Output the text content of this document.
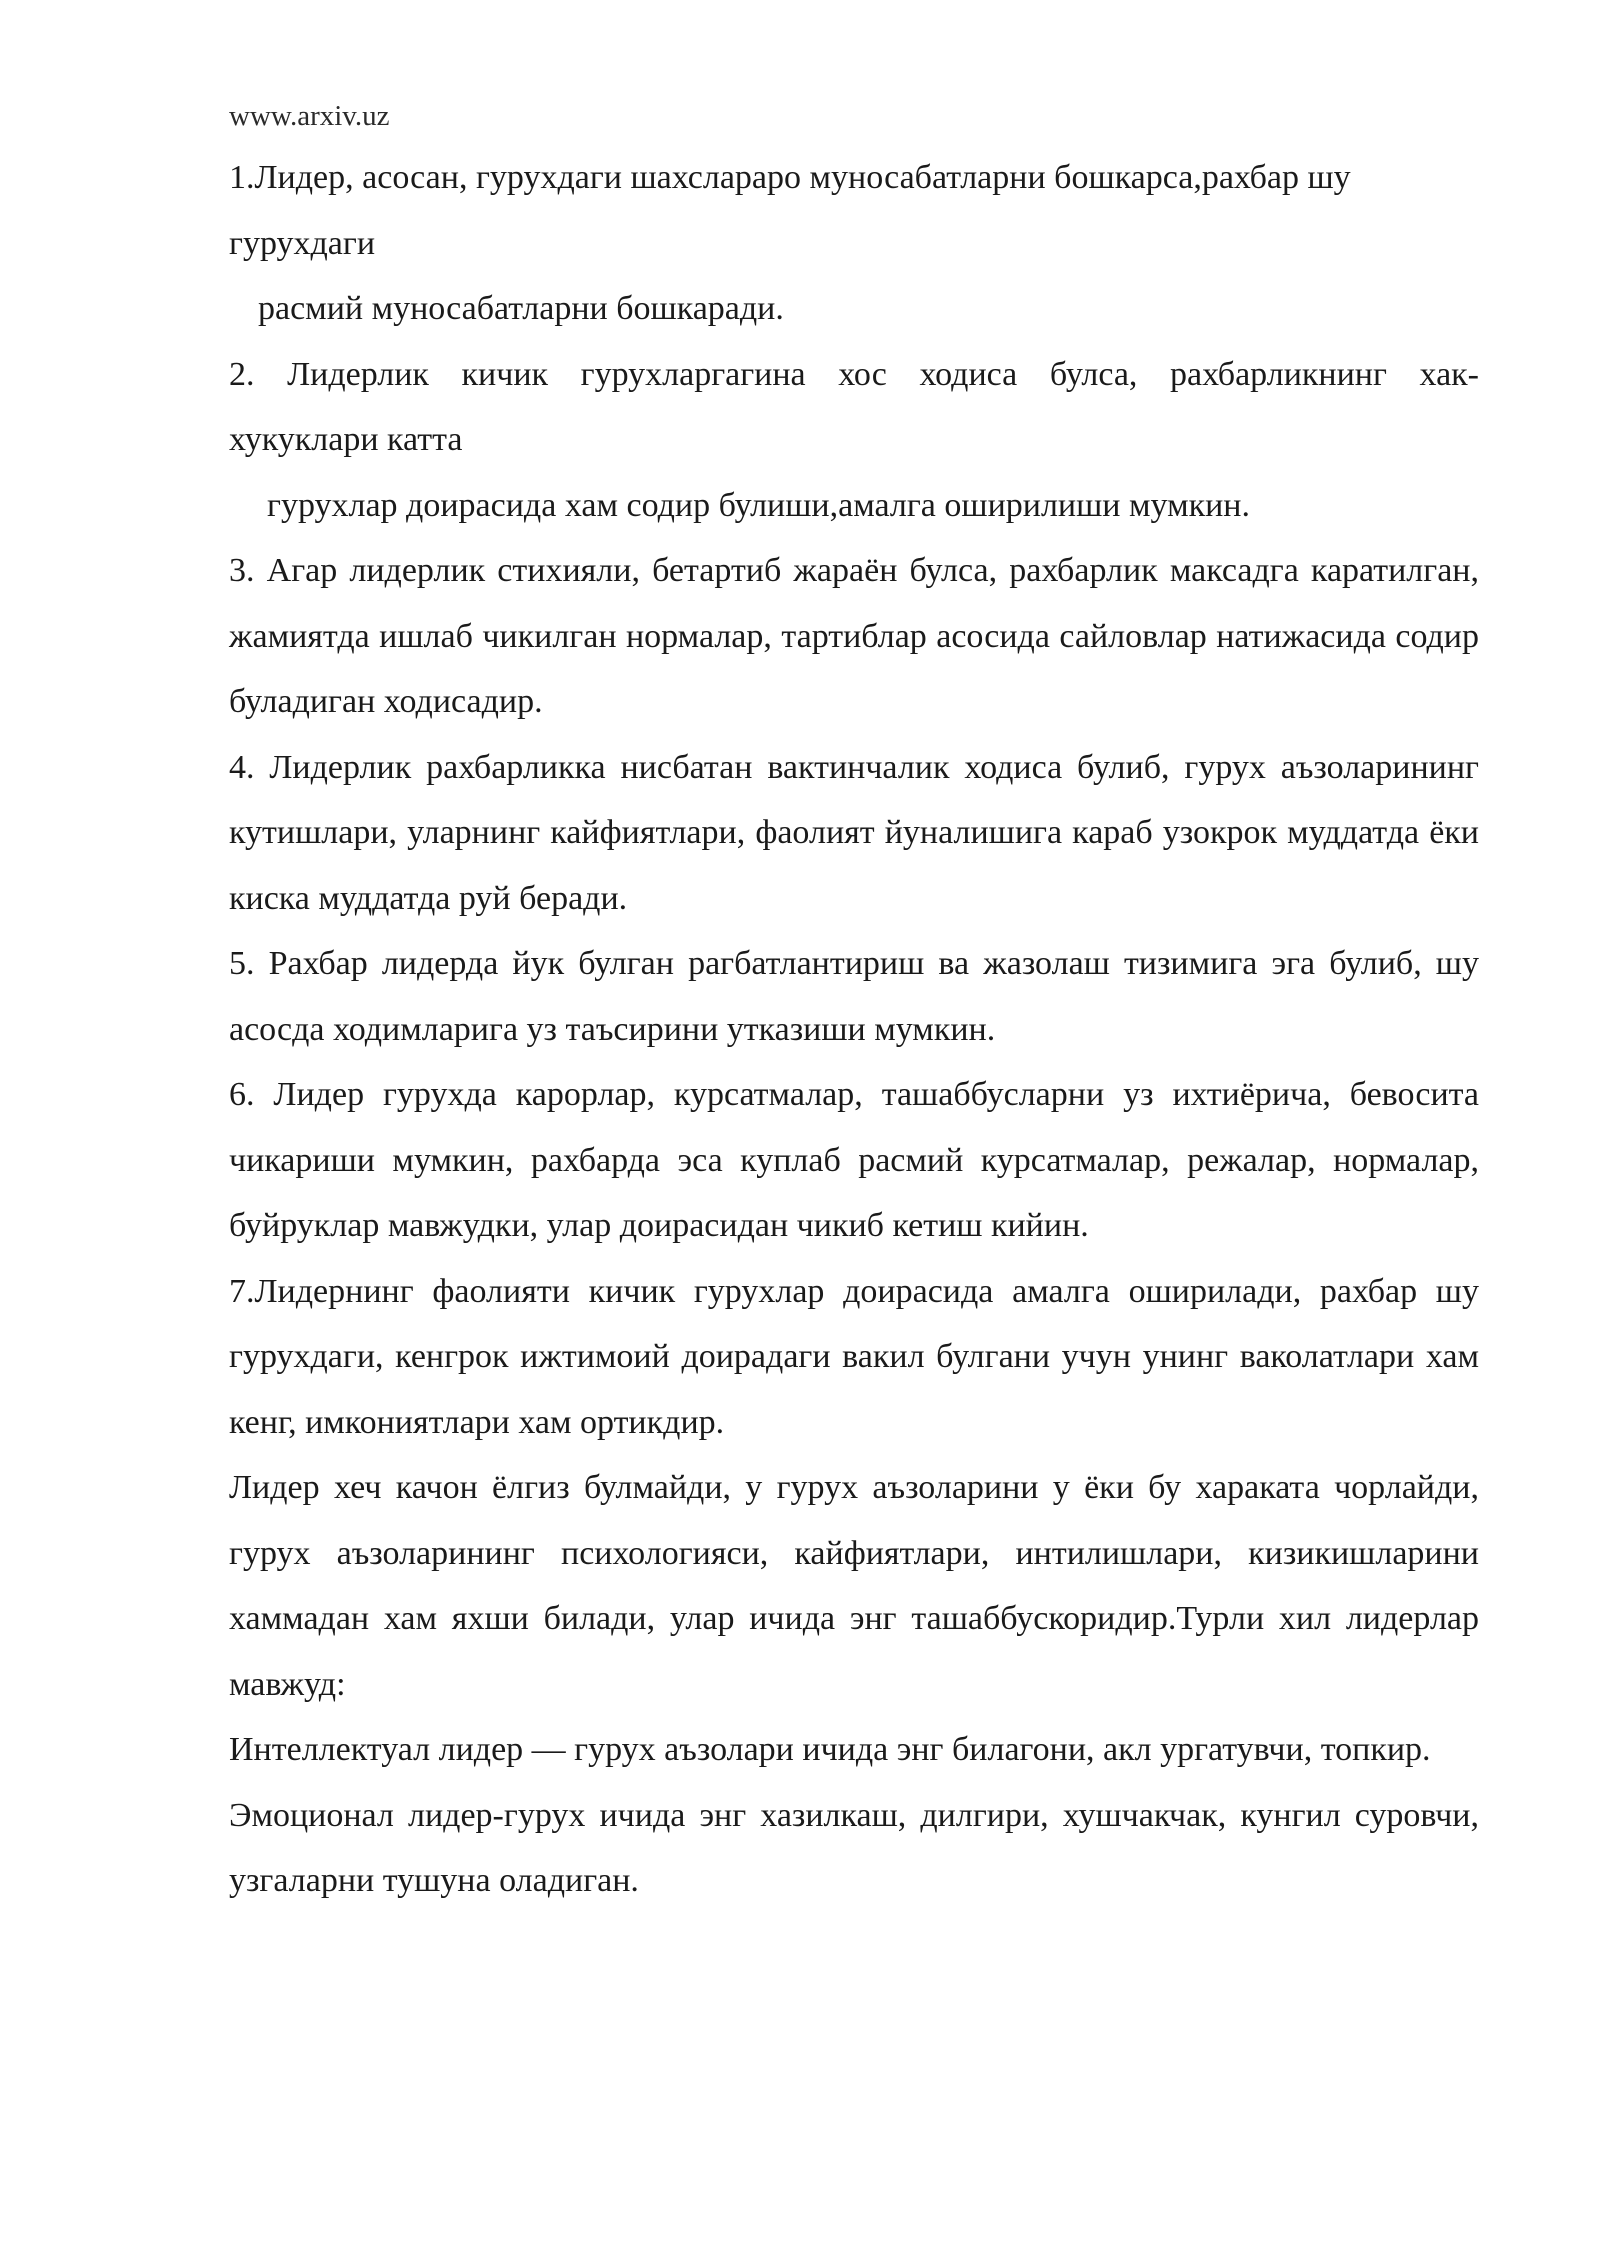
www.arxiv.uz
1.Лидер, асосан, гурухдаги шахслараро муносабатларни бошкарса,рахбар шу
гурухдаги
расмий муносабатларни бошкаради.
2. Лидерлик кичик гурухларгагина хос ходиса булса, рахбарликнинг хак-
хукуклари катта
гурухлар доирасида хам содир булиши,амалга оширилиши мумкин.

3. Агар лидерлик стихияли, бетартиб жараён булса, рахбарлик максадга каратилган, жамиятда ишлаб чикилган нормалар, тартиблар асосида сайловлар натижасида содир буладиган ходисадир.

4. Лидерлик рахбарликка нисбатан вактинчалик ходиса булиб, гурух аъзоларининг кутишлари, уларнинг кайфиятлари, фаолият йуналишига караб узокрок муддатда ёки киска муддатда руй беради.

5. Рахбар лидерда йук булган рагбатлантириш ва жазолаш тизимига эга булиб, шу асосда ходимларига уз таъсирини утказиши мумкин.

6. Лидер гурухда карорлар, курсатмалар, ташаббусларни уз ихтиёрича, бевосита чикариши мумкин, рахбарда эса куплаб расмий курсатмалар, режалар, нормалар, буйруклар мавжудки, улар доирасидан чикиб кетиш кийин.

7.Лидернинг фаолияти кичик гурухлар доирасида амалга оширилади, рахбар шу гурухдаги, кенгрок ижтимоий доирадаги вакил булгани учун унинг ваколатлари хам кенг, имкониятлари хам ортикдир.

Лидер хеч качон ёлгиз булмайди, у гурух аъзоларини у ёки бу хараката чорлайди, гурух аъзоларининг психологияси, кайфиятлари, интилишлари, кизикишларини хаммадан хам яхши билади, улар ичида энг ташаббускоридир.Турли хил лидерлар мавжуд:

Интеллектуал лидер — гурух аъзолари ичида энг билагони, акл ургатувчи, топкир.

Эмоционал лидер-гурух ичида энг хазилкаш, дилгири, хушчакчак, кунгил суровчи, узгаларни тушуна оладиган.
